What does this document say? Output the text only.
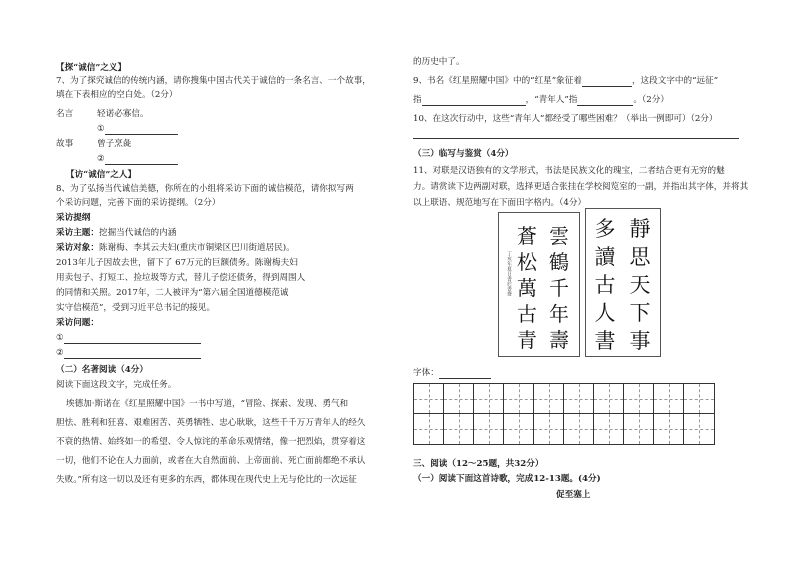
【探“诚信”之义】
7、为了探究诚信的传统内涵，请你搜集中国古代关于诚信的一条名言、一个故事，
填在下表相应的空白处。（2分）
名言	轻诺必寡信。
①
故事	曾子烹彘
②
【访“诚信”之人】
8、为了弘扬当代诚信美德，你所在的小组将采访下面的诚信模范，请你拟写两
个采访问题，完善下面的采访提纲。（2分）
采访提纲
采访主题：挖掘当代诚信的内涵
采访对象：陈谢梅、李其云夫妇(重庆市铜梁区巴川街道居民)。
2013年儿子因故去世，留下了 67万元的巨额债务。陈谢梅夫妇
用卖包子、打短工、捡垃圾等方式，替儿子偿还债务，得到周围人
的同情和关照。2017年，二人被评为“第六届全国道德模范诚
实守信模范”，受到习近平总书记的接见。
采访问题：
①
②
（二）名著阅读（4分）
阅读下面这段文字，完成任务。
埃德加·斯诺在《红星照耀中国》一书中写道，“冒险、探索、发现、勇气和
胆怯、胜利和狂喜、艰难困苦、英勇牺牲、忠心耿耿，这些千千万万青年人的经久
不衰的热情、始终如一的希望、令人惊诧的革命乐观情绪，像一把烈焰，贯穿着这
一切，他们不论在人力面前，或者在大自然面前、上帝面前、死亡面前都绝不承认
失败。”所有这一切以及还有更多的东西，都体现在现代史上无与伦比的一次远征
的历史中了。
9、书名《红星照耀中国》中的“红星”象征着	，这段文字中的“远征”
指	，“青年人”指	。（2分）
10、在这次行动中，这些“青年人”都经受了哪些困难？（举出一例即可）（2分）
（三）临写与鉴赏（4分）
11、对联是汉语独有的文学形式，书法是民族文化的瑰宝，二者结合更有无穷的魅
力。请赏读下边两副对联，选择更适合张挂在学校阅览室的一副，并指出其字体，并将其
以上联语、规范地写在下面田字格内。（4分）
丁亥年夏日書於書齋
蒼
松
萬
古
青
雲
鶴
千
年
壽
多
讀
古
人
書
靜
思
天
下
事
字体：
三、阅读（12～25题，共32分）
（一）阅读下面这首诗歌，完成12-13题。(4分)
促至塞上
